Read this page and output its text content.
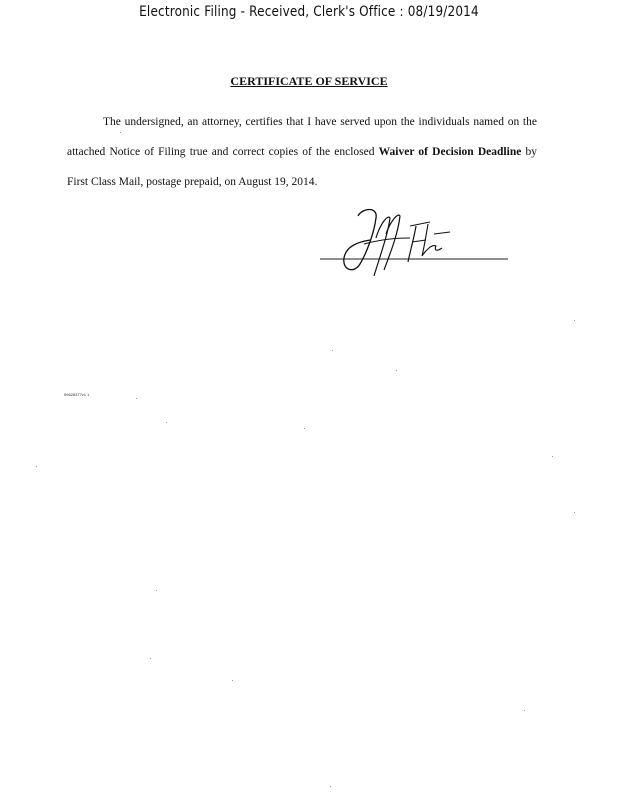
Electronic Filing - Received, Clerk's Office : 08/19/2014
CERTIFICATE OF SERVICE
The undersigned, an attorney, certifies that I have served upon the individuals named on the attached Notice of Filing true and correct copies of the enclosed Waiver of Decision Deadline by First Class Mail, postage prepaid, on August 19, 2014.
59628377v1 1
